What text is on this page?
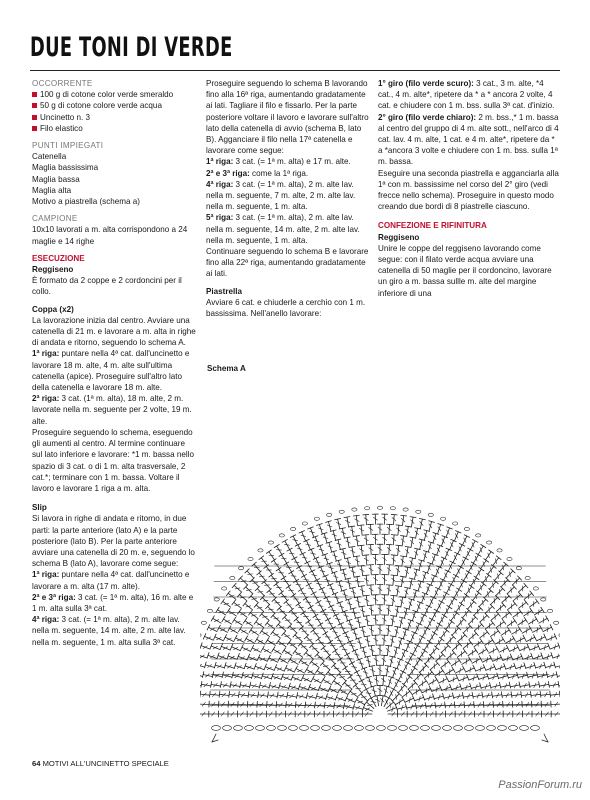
DUE TONI DI VERDE
OCCORRENTE
100 g di cotone color verde smeraldo
50 g di cotone colore verde acqua
Uncinetto n. 3
Filo elastico
PUNTI IMPIEGATI
Catenella
Maglia bassissima
Maglia bassa
Maglia alta
Motivo a piastrella (schema a)
CAMPIONE
10x10 lavorati a m. alta corrispondono a 24 maglie e 14 righe
ESECUZIONE
Reggiseno
È formato da 2 coppe e 2 cordoncini per il collo.
Coppa (x2)
La lavorazione inizia dal centro. Avviare una catenella di 21 m. e lavorare a m. alta in righe di andata e ritorno, seguendo lo schema A.
1ª riga: puntare nella 4ª cat. dall'uncinetto e lavorare 18 m. alte, 4 m. alte sull'ultima catenella (apice). Proseguire sull'altro lato della catenella e lavorare 18 m. alte.
2ª riga: 3 cat. (1ª m. alta), 18 m. alte, 2 m. lavorate nella m. seguente per 2 volte, 19 m. alte.
Proseguire seguendo lo schema, eseguendo gli aumenti al centro. Al termine continuare sul lato inferiore e lavorare: *1 m. bassa nello spazio di 3 cat. o di 1 m. alta trasversale, 2 cat.*; terminare con 1 m. bassa. Voltare il lavoro e lavorare 1 riga a m. alta.
Slip
Si lavora in righe di andata e ritorno, in due parti: la parte anteriore (lato A) e la parte posteriore (lato B). Per la parte anteriore avviare una catenella di 20 m. e, seguendo lo schema B (lato A), lavorare come segue:
1ª riga: puntare nella 4ª cat. dall'uncinetto e lavorare a m. alta (17 m. alte).
2ª e 3ª riga: 3 cat. (= 1ª m. alta), 16 m. alte e 1 m. alta sulla 3ª cat.
4ª riga: 3 cat. (= 1ª m. alta), 2 m. alte lav. nella m. seguente, 14 m. alte, 2 m. alte lav. nella m. seguente, 1 m. alta sulla 3ª cat.
Proseguire seguendo lo schema B lavorando fino alla 16ª riga, aumentando gradatamente ai lati. Tagliare il filo e fissarlo. Per la parte posteriore voltare il lavoro e lavorare sull'altro lato della catenella di avvio (schema B, lato B). Agganciare il filo nella 17ª catenella e lavorare come segue:
1ª riga: 3 cat. (= 1ª m. alta) e 17 m. alte.
2ª e 3ª riga: come la 1ª riga.
4ª riga: 3 cat. (= 1ª m. alta), 2 m. alte lav. nella m. seguente, 7 m. alte, 2 m. alte lav. nella m. seguente, 1 m. alta.
5ª riga: 3 cat. (= 1ª m. alta), 2 m. alte lav. nella m. seguente, 14 m. alte, 2 m. alte lav. nella m. seguente, 1 m. alta.
Continuare seguendo lo schema B e lavorare fino alla 22ª riga, aumentando gradatamente ai lati.
Piastrella
Avviare 6 cat. e chiuderle a cerchio con 1 m. bassissima. Nell'anello lavorare:
1° giro (filo verde scuro): 3 cat., 3 m. alte, *4 cat., 4 m. alte*, ripetere da * a * ancora 2 volte, 4 cat. e chiudere con 1 m. bss. sulla 3ª cat. d'inizio.
2° giro (filo verde chiaro): 2 m. bss.,* 1 m. bassa al centro del gruppo di 4 m. alte sott., nell'arco di 4 cat. lav. 4 m. alte, 1 cat. e 4 m. alte*, ripetere da * a *ancora 3 volte e chiudere con 1 m. bss. sulla 1ª m. bassa.
Eseguire una seconda piastrella e agganciarla alla 1ª con m. bassissime nel corso del 2° giro (vedi frecce nello schema). Proseguire in questo modo creando due bordi di 8 piastrelle ciascuno.
CONFEZIONE E RIFINITURA
Reggiseno
Unire le coppe del reggiseno lavorando come segue: con il filato verde acqua avviare una catenella di 50 maglie per il cordoncino, lavorare un giro a m. bassa sullle m. alte del margine inferiore di una
Schema A
64 MOTIVI ALL'UNCINETTO SPECIALE
PassionForum.ru
